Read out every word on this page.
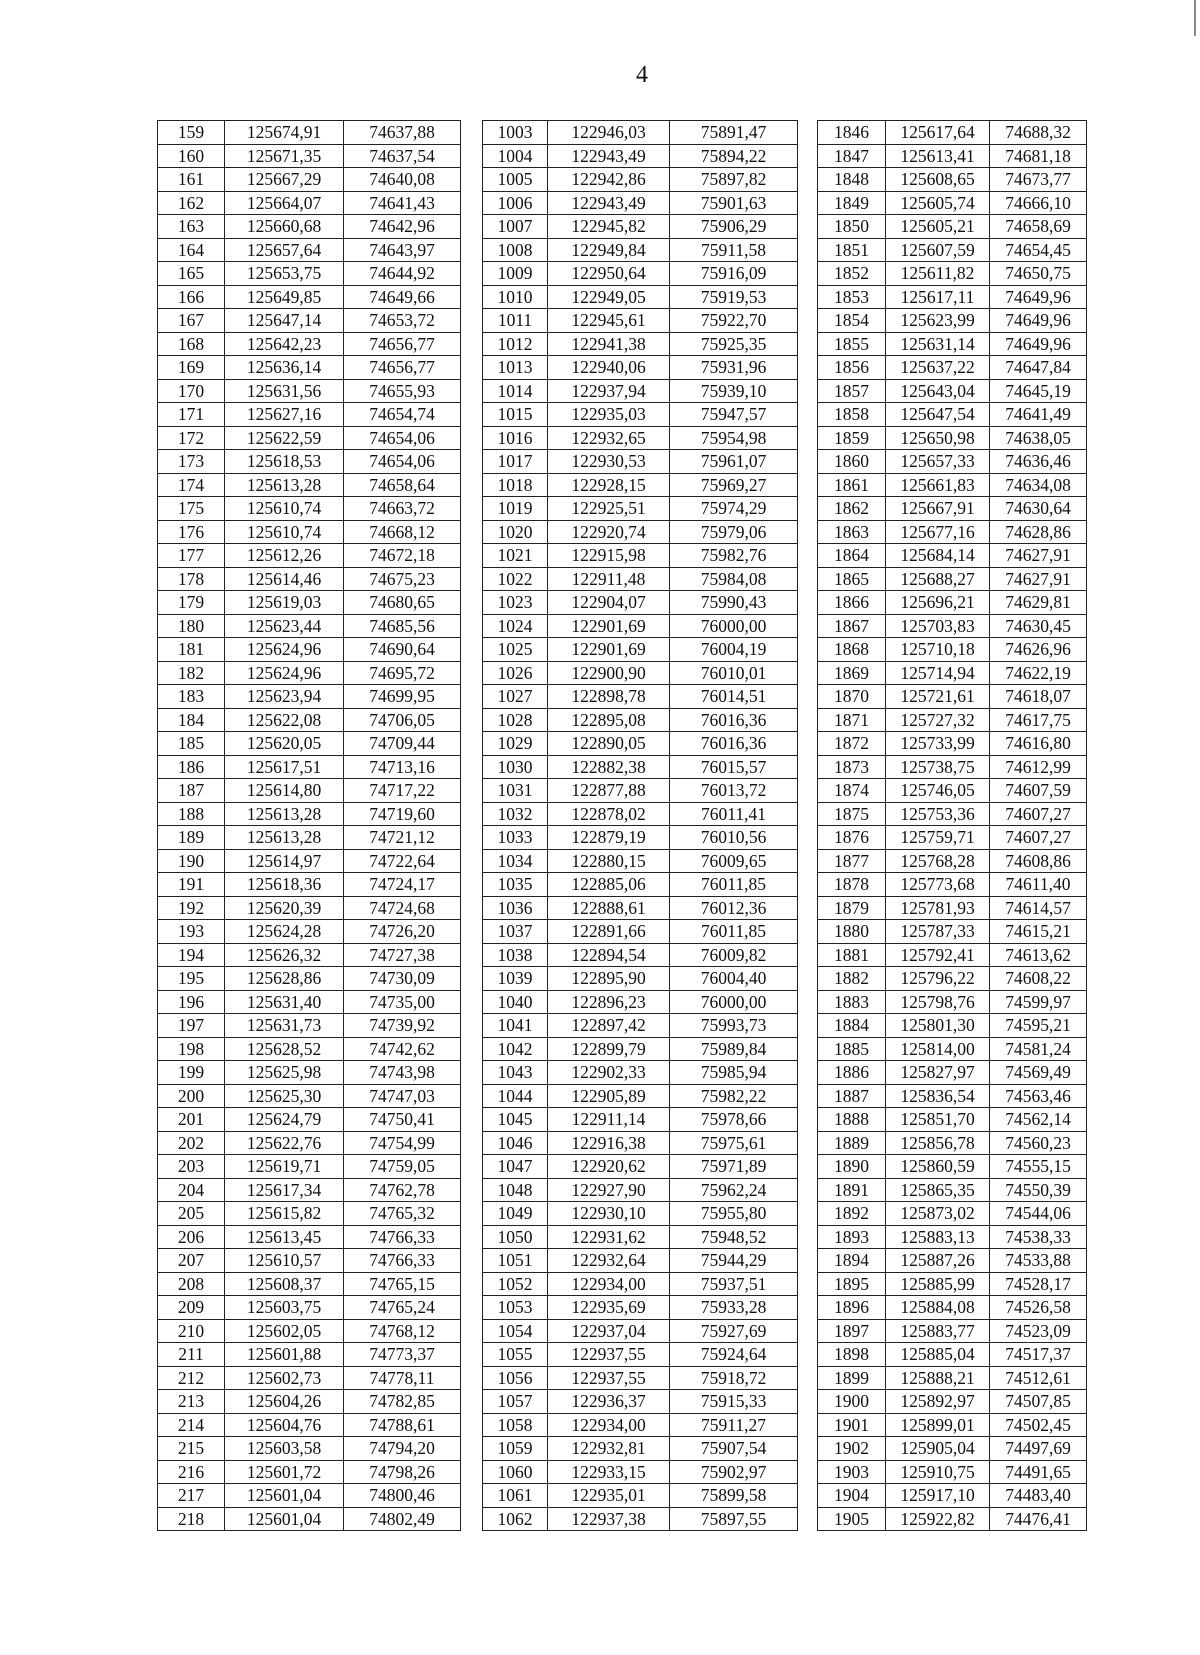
4
159	125674,91	74637,88		1003	122946,03	75891,47		1846	125617,64	74688,32
160	125671,35	74637,54		1004	122943,49	75894,22		1847	125613,41	74681,18
161	125667,29	74640,08		1005	122942,86	75897,82		1848	125608,65	74673,77
162	125664,07	74641,43		1006	122943,49	75901,63		1849	125605,74	74666,10
163	125660,68	74642,96		1007	122945,82	75906,29		1850	125605,21	74658,69
164	125657,64	74643,97		1008	122949,84	75911,58		1851	125607,59	74654,45
165	125653,75	74644,92		1009	122950,64	75916,09		1852	125611,82	74650,75
166	125649,85	74649,66		1010	122949,05	75919,53		1853	125617,11	74649,96
167	125647,14	74653,72		1011	122945,61	75922,70		1854	125623,99	74649,96
168	125642,23	74656,77		1012	122941,38	75925,35		1855	125631,14	74649,96
169	125636,14	74656,77		1013	122940,06	75931,96		1856	125637,22	74647,84
170	125631,56	74655,93		1014	122937,94	75939,10		1857	125643,04	74645,19
171	125627,16	74654,74		1015	122935,03	75947,57		1858	125647,54	74641,49
172	125622,59	74654,06		1016	122932,65	75954,98		1859	125650,98	74638,05
173	125618,53	74654,06		1017	122930,53	75961,07		1860	125657,33	74636,46
174	125613,28	74658,64		1018	122928,15	75969,27		1861	125661,83	74634,08
175	125610,74	74663,72		1019	122925,51	75974,29		1862	125667,91	74630,64
176	125610,74	74668,12		1020	122920,74	75979,06		1863	125677,16	74628,86
177	125612,26	74672,18		1021	122915,98	75982,76		1864	125684,14	74627,91
178	125614,46	74675,23		1022	122911,48	75984,08		1865	125688,27	74627,91
179	125619,03	74680,65		1023	122904,07	75990,43		1866	125696,21	74629,81
180	125623,44	74685,56		1024	122901,69	76000,00		1867	125703,83	74630,45
181	125624,96	74690,64		1025	122901,69	76004,19		1868	125710,18	74626,96
182	125624,96	74695,72		1026	122900,90	76010,01		1869	125714,94	74622,19
183	125623,94	74699,95		1027	122898,78	76014,51		1870	125721,61	74618,07
184	125622,08	74706,05		1028	122895,08	76016,36		1871	125727,32	74617,75
185	125620,05	74709,44		1029	122890,05	76016,36		1872	125733,99	74616,80
186	125617,51	74713,16		1030	122882,38	76015,57		1873	125738,75	74612,99
187	125614,80	74717,22		1031	122877,88	76013,72		1874	125746,05	74607,59
188	125613,28	74719,60		1032	122878,02	76011,41		1875	125753,36	74607,27
189	125613,28	74721,12		1033	122879,19	76010,56		1876	125759,71	74607,27
190	125614,97	74722,64		1034	122880,15	76009,65		1877	125768,28	74608,86
191	125618,36	74724,17		1035	122885,06	76011,85		1878	125773,68	74611,40
192	125620,39	74724,68		1036	122888,61	76012,36		1879	125781,93	74614,57
193	125624,28	74726,20		1037	122891,66	76011,85		1880	125787,33	74615,21
194	125626,32	74727,38		1038	122894,54	76009,82		1881	125792,41	74613,62
195	125628,86	74730,09		1039	122895,90	76004,40		1882	125796,22	74608,22
196	125631,40	74735,00		1040	122896,23	76000,00		1883	125798,76	74599,97
197	125631,73	74739,92		1041	122897,42	75993,73		1884	125801,30	74595,21
198	125628,52	74742,62		1042	122899,79	75989,84		1885	125814,00	74581,24
199	125625,98	74743,98		1043	122902,33	75985,94		1886	125827,97	74569,49
200	125625,30	74747,03		1044	122905,89	75982,22		1887	125836,54	74563,46
201	125624,79	74750,41		1045	122911,14	75978,66		1888	125851,70	74562,14
202	125622,76	74754,99		1046	122916,38	75975,61		1889	125856,78	74560,23
203	125619,71	74759,05		1047	122920,62	75971,89		1890	125860,59	74555,15
204	125617,34	74762,78		1048	122927,90	75962,24		1891	125865,35	74550,39
205	125615,82	74765,32		1049	122930,10	75955,80		1892	125873,02	74544,06
206	125613,45	74766,33		1050	122931,62	75948,52		1893	125883,13	74538,33
207	125610,57	74766,33		1051	122932,64	75944,29		1894	125887,26	74533,88
208	125608,37	74765,15		1052	122934,00	75937,51		1895	125885,99	74528,17
209	125603,75	74765,24		1053	122935,69	75933,28		1896	125884,08	74526,58
210	125602,05	74768,12		1054	122937,04	75927,69		1897	125883,77	74523,09
211	125601,88	74773,37		1055	122937,55	75924,64		1898	125885,04	74517,37
212	125602,73	74778,11		1056	122937,55	75918,72		1899	125888,21	74512,61
213	125604,26	74782,85		1057	122936,37	75915,33		1900	125892,97	74507,85
214	125604,76	74788,61		1058	122934,00	75911,27		1901	125899,01	74502,45
215	125603,58	74794,20		1059	122932,81	75907,54		1902	125905,04	74497,69
216	125601,72	74798,26		1060	122933,15	75902,97		1903	125910,75	74491,65
217	125601,04	74800,46		1061	122935,01	75899,58		1904	125917,10	74483,40
218	125601,04	74802,49		1062	122937,38	75897,55		1905	125922,82	74476,41
